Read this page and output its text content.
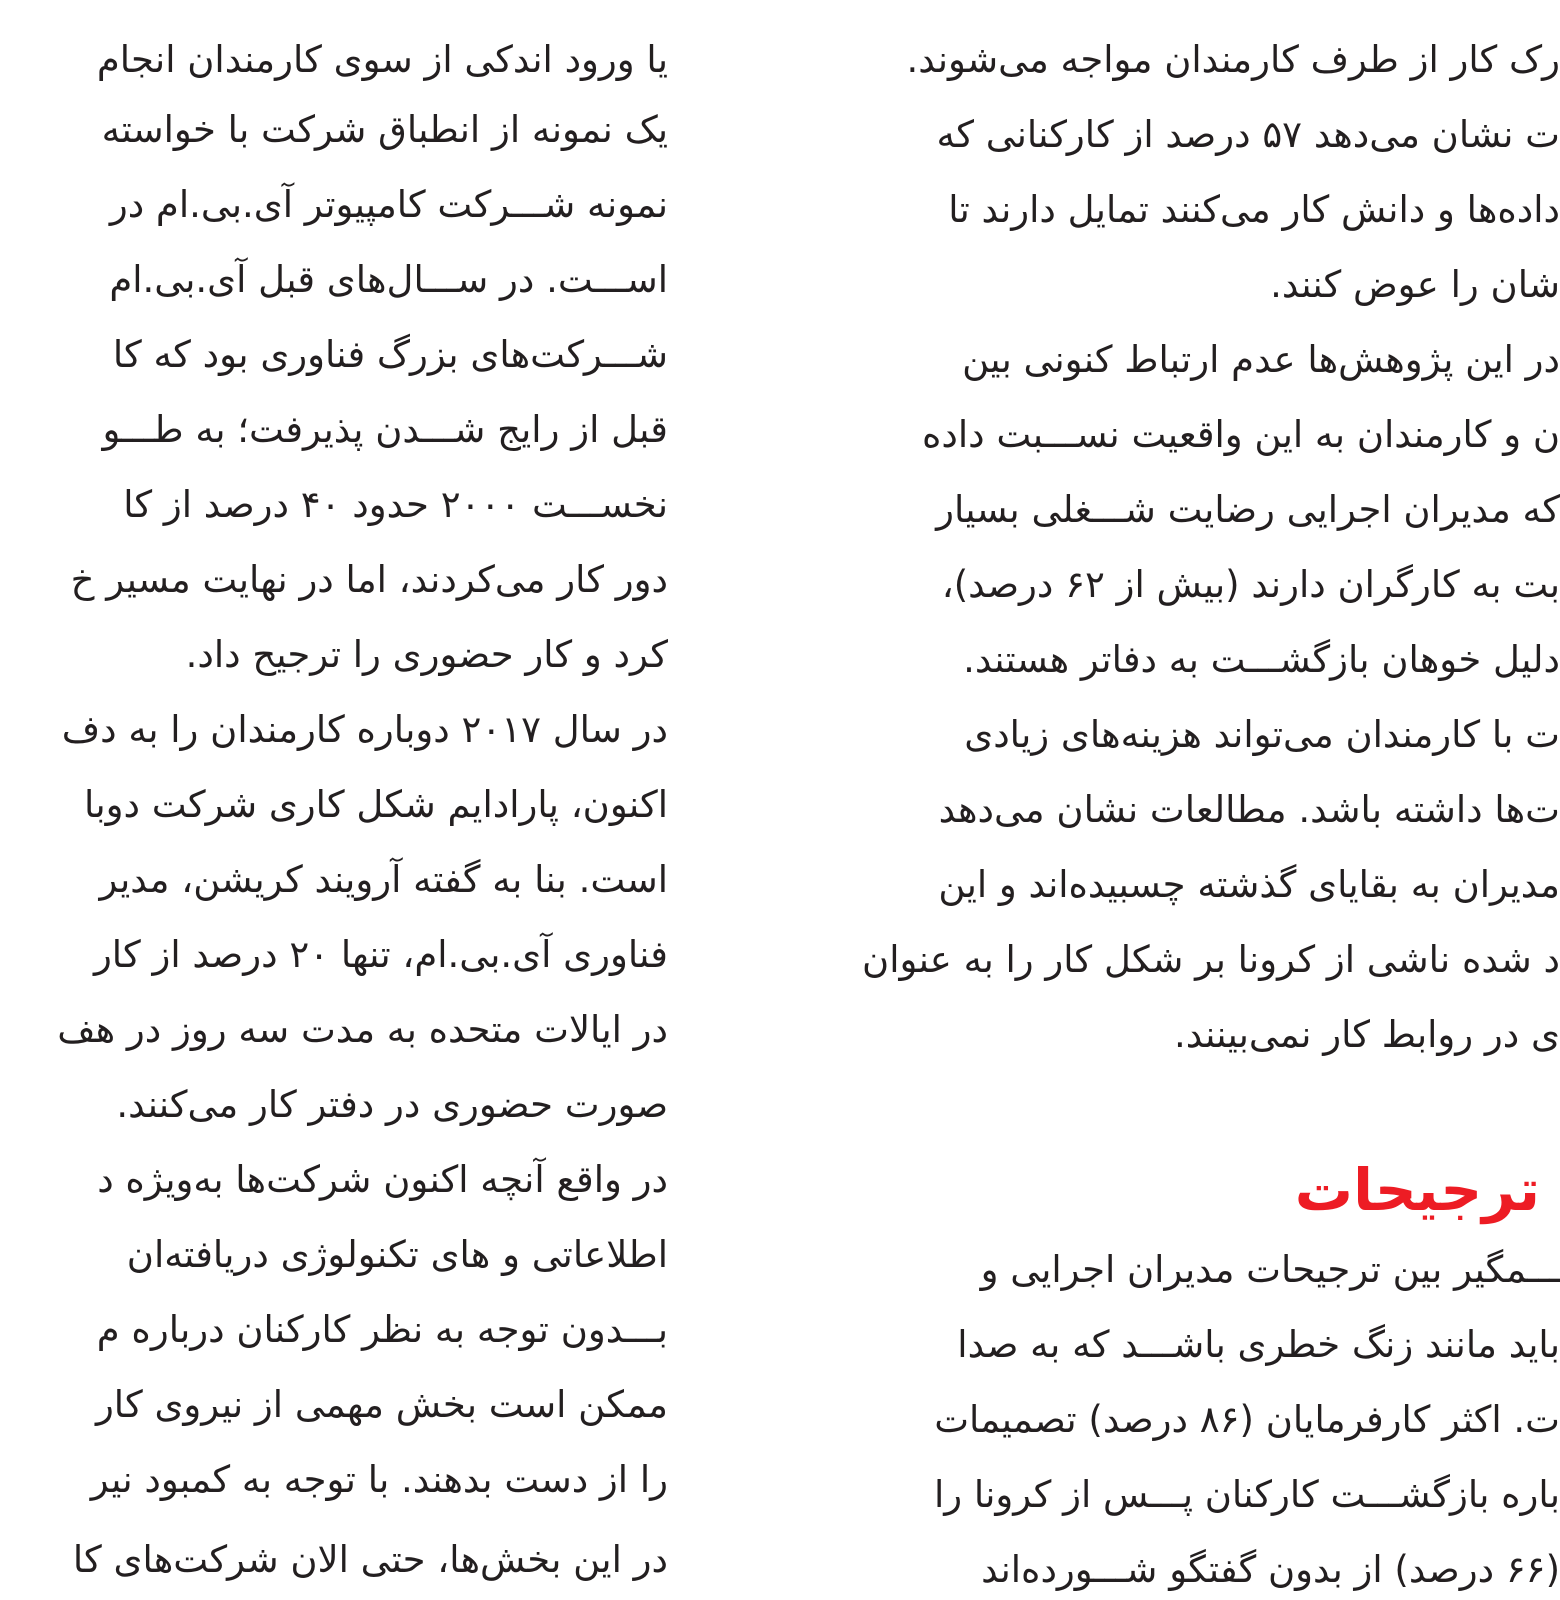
یا ورود اندکی از سوی کارمندان انجام
یک نمونه از انطباق شرکت با خواسته
نمونه شـــرکت کامپیوتر آی.بی.ام در
اســـت. در ســـال‌های قبل آی.بی.ام
شـــرکت‌های بزرگ فناوری بود که کا
قبل از رایج شـــدن پذیرفت؛ به طـــو
نخســـت ۲۰۰۰ حدود ۴۰ درصد از کا
دور کار می‌کردند، اما در نهایت مسیر خ
کرد و کار حضوری را ترجیح داد.
در سال ۲۰۱۷ دوباره کارمندان را به دف
اکنون، پارادایم شکل کاری شرکت دوبا
است. بنا به گفته آرویند کریشن، مدیر
فناوری آی.بی.ام، تنها ۲۰ درصد از کار
در ایالات متحده به مدت سه روز در هف
صورت حضوری در دفتر کار می‌کنند.
در واقع آنچه اکنون شرکت‌ها به‌ویژه د
اطلاعاتی و های تکنولوژی دریافته‌ان
بـــدون توجه به نظر کارکنان درباره م
ممکن است بخش مهمی از نیروی کار
را از دست بدهند. با توجه به کمبود نیر
در این بخش‌ها، حتی الان شرکت‌های کا
رک کار از طرف کارمندان مواجه می‌شوند.
ت نشان می‌دهد ۵۷ درصد از کارکنانی که
داده‌ها و دانش کار می‌کنند تمایل دارند تا
شان را عوض کنند.
در این پژوهش‌ها عدم ارتباط کنونی بین
ن و کارمندان به این واقعیت نســـبت داده
که مدیران اجرایی رضایت شـــغلی بسیار
بت به کارگران دارند (بیش از ۶۲ درصد)،
دلیل خوهان بازگشـــت به دفاتر هستند.
ت با کارمندان می‌تواند هزینه‌های زیادی
ت‌ها داشته باشد. مطالعات نشان می‌دهد
مدیران به بقایای گذشته چسبیده‌اند و این
د شده ناشی از کرونا بر شکل کار را به عنوان
ی در روابط کار نمی‌بینند.
ترجیحات
ـــمگیر بین ترجیحات مدیران اجرایی و
باید مانند زنگ خطری باشـــد که به صدا
ت. اکثر کارفرمایان (۸۶ درصد) تصمیمات
باره بازگشـــت کارکنان پـــس از کرونا را
(۶۶ درصد) از بدون گفتگو شـــورده‌اند
